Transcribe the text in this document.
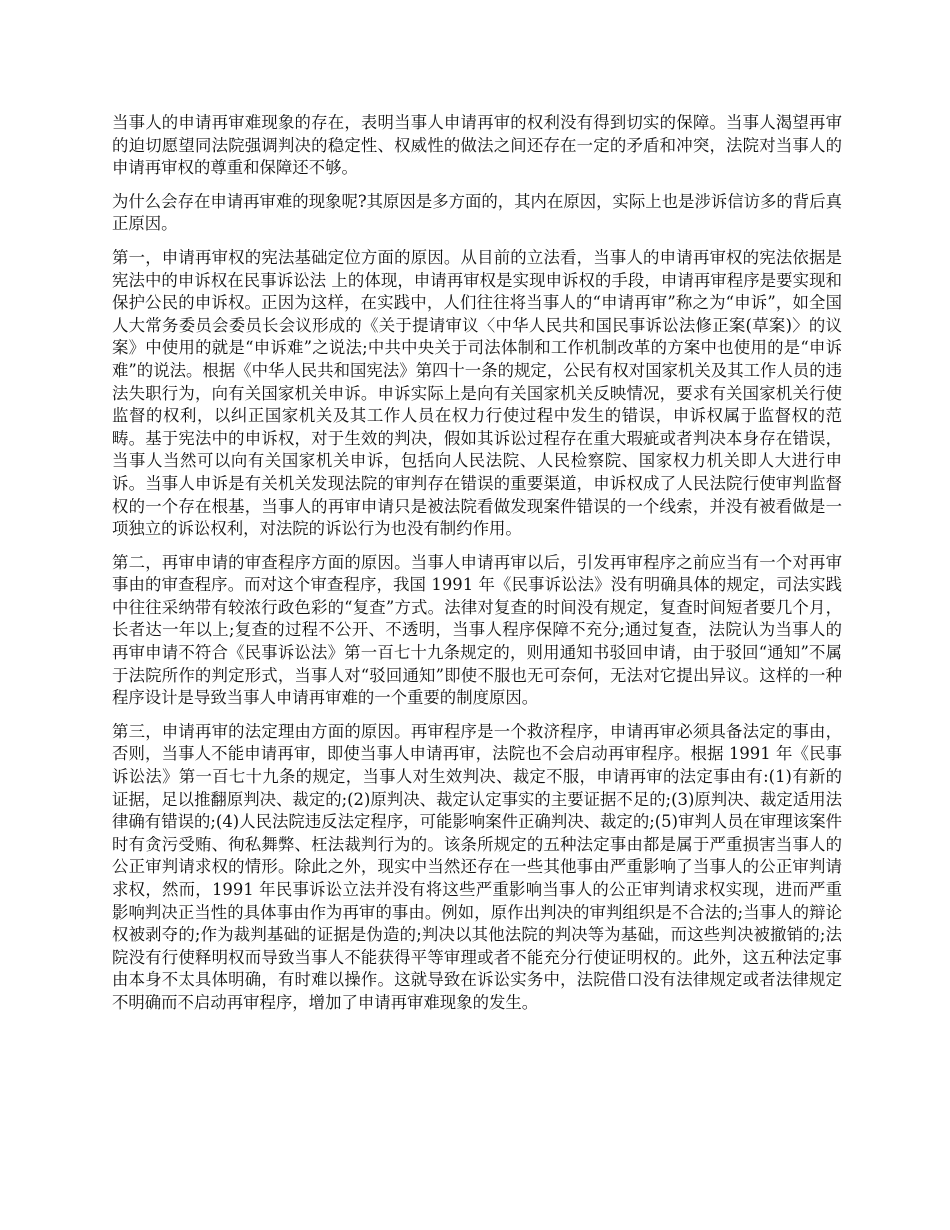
当事人的申请再审难现象的存在，表明当事人申请再审的权利没有得到切实的保障。当事人渴望再审的迫切愿望同法院强调判决的稳定性、权威性的做法之间还存在一定的矛盾和冲突，法院对当事人的申请再审权的尊重和保障还不够。

为什么会存在申请再审难的现象呢?其原因是多方面的，其内在原因，实际上也是涉诉信访多的背后真正原因。

第一，申请再审权的宪法基础定位方面的原因。从目前的立法看，当事人的申请再审权的宪法依据是宪法中的申诉权在民事诉讼法 上的体现，申请再审权是实现申诉权的手段，申请再审程序是要实现和保护公民的申诉权。正因为这样，在实践中，人们往往将当事人的“申请再审”称之为“申诉”，如全国人大常务委员会委员长会议形成的《关于提请审议〈中华人民共和国民事诉讼法修正案(草案)〉的议案》中使用的就是“申诉难”之说法;中共中央关于司法体制和工作机制改革的方案中也使用的是“申诉难”的说法。根据《中华人民共和国宪法》第四十一条的规定，公民有权对国家机关及其工作人员的违法失职行为，向有关国家机关申诉。申诉实际上是向有关国家机关反映情况，要求有关国家机关行使监督的权利，以纠正国家机关及其工作人员在权力行使过程中发生的错误，申诉权属于监督权的范畴。基于宪法中的申诉权，对于生效的判决，假如其诉讼过程存在重大瑕疵或者判决本身存在错误，当事人当然可以向有关国家机关申诉，包括向人民法院、人民检察院、国家权力机关即人大进行申诉。当事人申诉是有关机关发现法院的审判存在错误的重要渠道，申诉权成了人民法院行使审判监督权的一个存在根基，当事人的再审申请只是被法院看做发现案件错误的一个线索，并没有被看做是一项独立的诉讼权利，对法院的诉讼行为也没有制约作用。

第二，再审申请的审查程序方面的原因。当事人申请再审以后，引发再审程序之前应当有一个对再审事由的审查程序。而对这个审查程序，我国 1991 年《民事诉讼法》没有明确具体的规定，司法实践中往往采纳带有较浓行政色彩的“复查”方式。法律对复查的时间没有规定，复查时间短者要几个月，长者达一年以上;复查的过程不公开、不透明，当事人程序保障不充分;通过复查，法院认为当事人的再审申请不符合《民事诉讼法》第一百七十九条规定的，则用通知书驳回申请，由于驳回“通知”不属于法院所作的判定形式，当事人对“驳回通知”即使不服也无可奈何，无法对它提出异议。这样的一种程序设计是导致当事人申请再审难的一个重要的制度原因。

第三，申请再审的法定理由方面的原因。再审程序是一个救济程序，申请再审必须具备法定的事由，否则，当事人不能申请再审，即使当事人申请再审，法院也不会启动再审程序。根据 1991 年《民事诉讼法》第一百七十九条的规定，当事人对生效判决、裁定不服，申请再审的法定事由有:(1)有新的证据，足以推翻原判决、裁定的;(2)原判决、裁定认定事实的主要证据不足的;(3)原判决、裁定适用法律确有错误的;(4)人民法院违反法定程序，可能影响案件正确判决、裁定的;(5)审判人员在审理该案件时有贪污受贿、徇私舞弊、枉法裁判行为的。该条所规定的五种法定事由都是属于严重损害当事人的公正审判请求权的情形。除此之外，现实中当然还存在一些其他事由严重影响了当事人的公正审判请求权，然而，1991 年民事诉讼立法并没有将这些严重影响当事人的公正审判请求权实现，进而严重影响判决正当性的具体事由作为再审的事由。例如，原作出判决的审判组织是不合法的;当事人的辩论权被剥夺的;作为裁判基础的证据是伪造的;判决以其他法院的判决等为基础，而这些判决被撤销的;法院没有行使释明权而导致当事人不能获得平等审理或者不能充分行使证明权的。此外，这五种法定事由本身不太具体明确，有时难以操作。这就导致在诉讼实务中，法院借口没有法律规定或者法律规定不明确而不启动再审程序，增加了申请再审难现象的发生。
